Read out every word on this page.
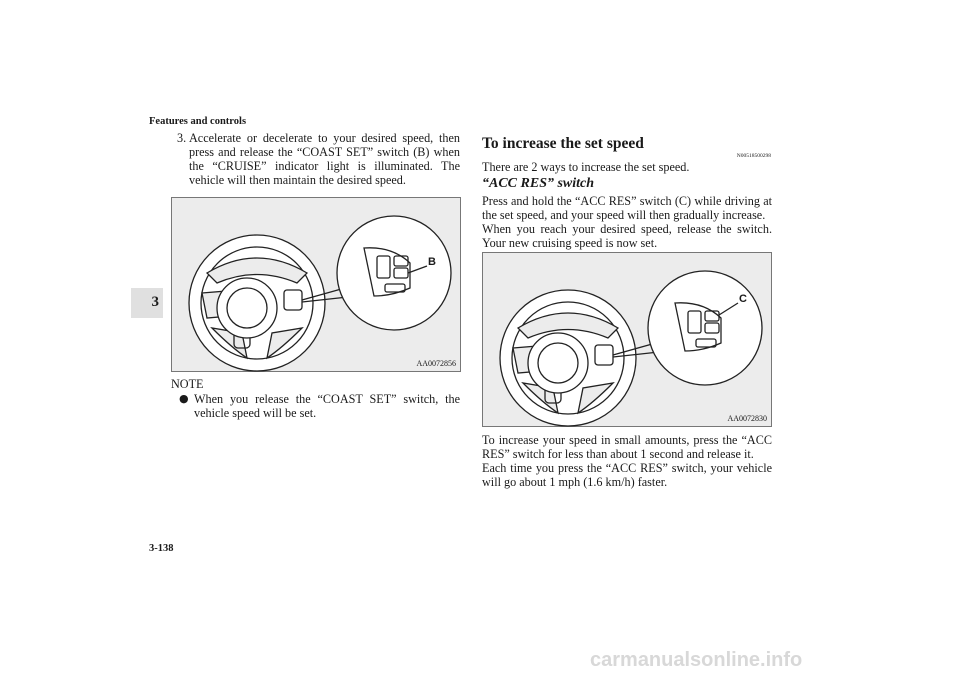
Features and controls
3
3. Accelerate or decelerate to your desired speed, then press and release the “COAST SET” switch (B) when the “CRUISE” indicator light is illuminated. The vehicle will then maintain the desired speed.
B
AA0072856
NOTE
● When you release the “COAST SET” switch, the vehicle speed will be set.
To increase the set speed
N00518500298
There are 2 ways to increase the set speed.
“ACC RES” switch
Press and hold the “ACC RES” switch (C) while driving at the set speed, and your speed will then gradually increase.
When you reach your desired speed, release the switch. Your new cruising speed is now set.
C
AA0072830
To increase your speed in small amounts, press the “ACC RES” switch for less than about 1 second and release it.
Each time you press the “ACC RES” switch, your vehicle will go about 1 mph (1.6 km/h) faster.
3-138
carmanualsonline.info
